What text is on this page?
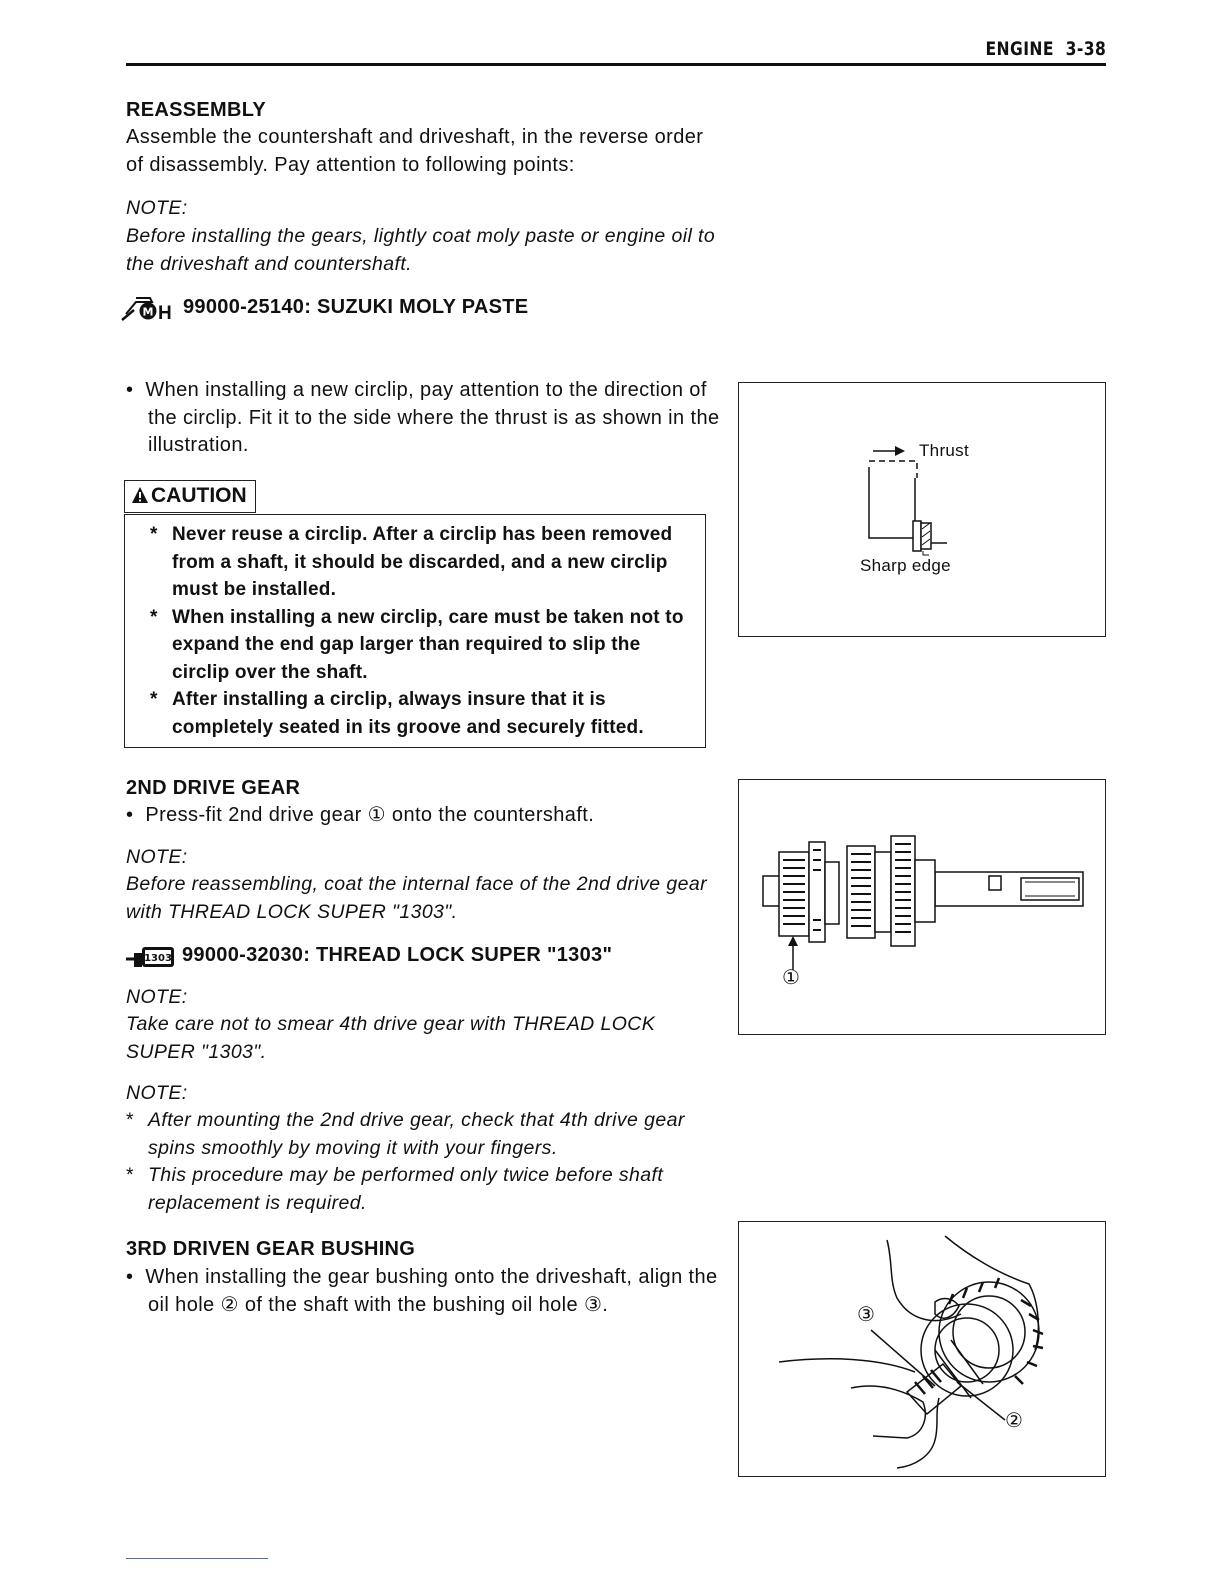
ENGINE 3-38
REASSEMBLY
Assemble the countershaft and driveshaft, in the reverse order of disassembly. Pay attention to following points:
NOTE:
Before installing the gears, lightly coat moly paste or engine oil to the driveshaft and countershaft.
M H 99000-25140: SUZUKI MOLY PASTE
• When installing a new circlip, pay attention to the direction of the circlip. Fit it to the side where the thrust is as shown in the illustration.
CAUTION
* Never reuse a circlip. After a circlip has been removed from a shaft, it should be discarded, and a new circlip must be installed.
* When installing a new circlip, care must be taken not to expand the end gap larger than required to slip the circlip over the shaft.
* After installing a circlip, always insure that it is completely seated in its groove and securely fitted.
Thrust
Sharp edge
2ND DRIVE GEAR
• Press-fit 2nd drive gear ① onto the countershaft.
NOTE:
Before reassembling, coat the internal face of the 2nd drive gear with THREAD LOCK SUPER "1303".
1303 99000-32030: THREAD LOCK SUPER "1303"
NOTE:
Take care not to smear 4th drive gear with THREAD LOCK SUPER "1303".
NOTE:
* After mounting the 2nd drive gear, check that 4th drive gear spins smoothly by moving it with your fingers.
* This procedure may be performed only twice before shaft replacement is required.
①
3RD DRIVEN GEAR BUSHING
• When installing the gear bushing onto the driveshaft, align the oil hole ② of the shaft with the bushing oil hole ③.	③
②
